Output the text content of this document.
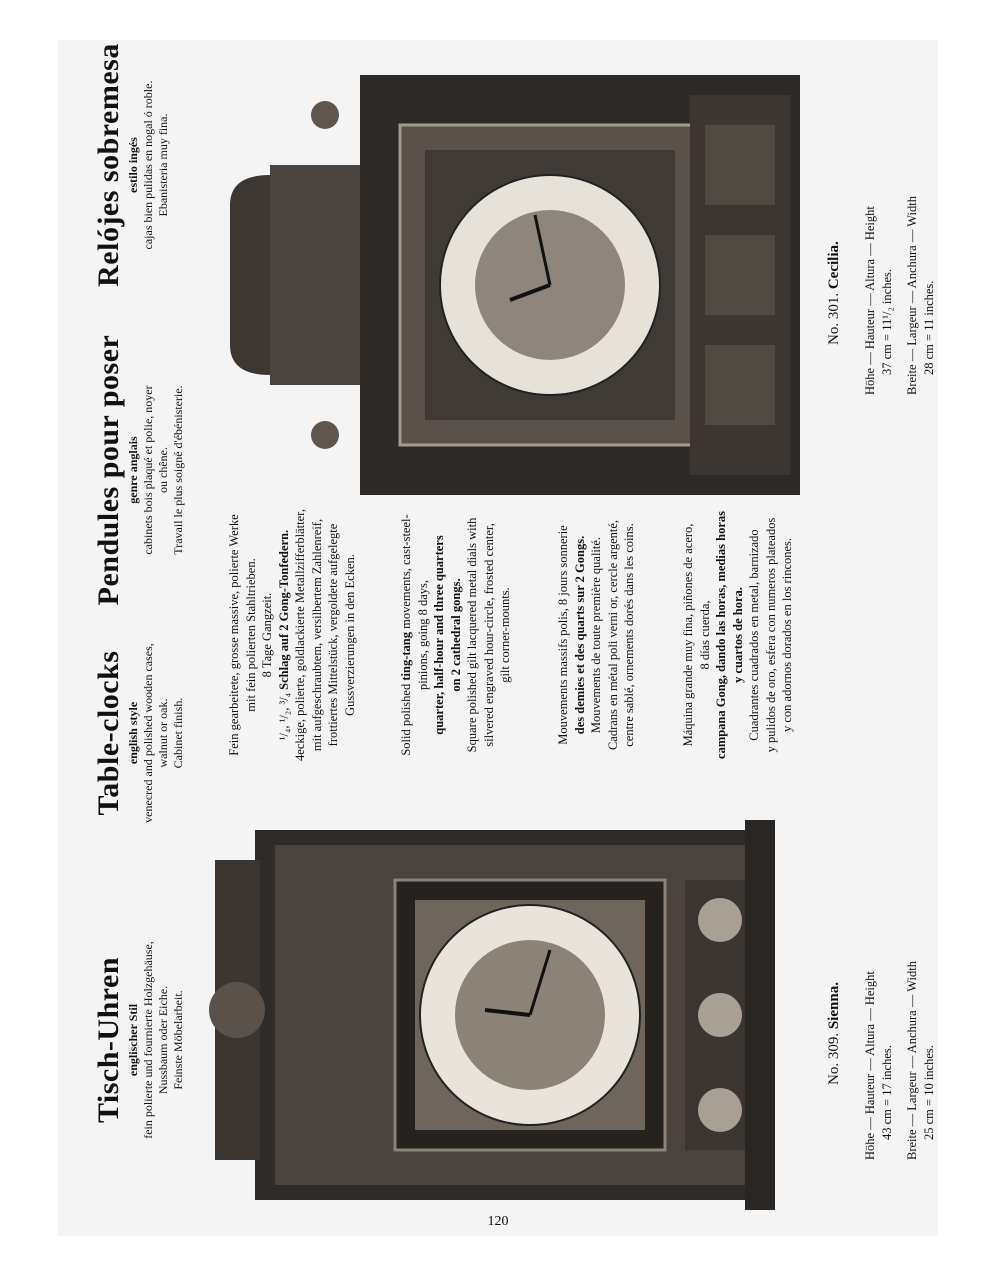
Tisch-Uhren englischer Stil fein polierte und fournierte Holzgehäuse, Nussbaum oder Eiche. Feinste Möbelarbeit.
Table-clocks english style venecred and polished wooden cases, walnut or oak. Cabinet finish.
Pendules pour poser genre anglais cabinets bois plaqué et polie, noyer ou chêne. Travail le plus soigné d'ébénisterie.
Relójes sobremesa estilo ingés cajas bien pulidas en nogal ó roble. Ebanisteria muy fina.
Fein gearbeitete, grosse massive, polierte Werke mit fein polierten Stahltrieben. 8 Tage Gangzeit.
¹/₄, ¹/₂, ³/₄ Schlag auf 2 Gong-Tonfedern. 4eckige, polierte, goldlackierte Metallzifferblätter, mit aufgeschraubtem, versilbertem Zahlenreif, frottiertes Mittelstück, vergoldete aufgelegte Gussverzierungen in den Ecken.
Solid polished ting-tang movements, cast-steel-
pinions, going 8 days, quarter, half-hour and three quarters on 2 cathedral gongs. Square polished gilt lacquered metal dials with silvered engraved hour-circle, frosted center, gilt corner-mounts.	Mouvements massifs polis, 8 jours sonnerie des demies et des quarts sur 2 Gongs. Mouvements de toute première qualité. Cadrans en métal poli verni or, cercle argenté, centre sablé, ornements dorés dans les coins.	Máquina grande muy fina, piñones de acero, 8 días cuerda, campana Gong, dando las horas, medias horas y cuartos de hora. Cuadrantes cuadrados en metal, barnizado y pulidos de oro, esfera con numeros plateados y con adornos dorados en los rincones.
No. 309. Sienna. Höhe — Hauteur — Altura — Height 43 cm = 17 inches. Breite — Largeur — Anchura — Width 25 cm = 10 inches.
No. 301. Cecilia. Höhe — Hauteur — Altura — Height 37 cm = 11¹/₂ inches. Breite — Largeur — Anchura — Width 28 cm = 11 inches.
120
